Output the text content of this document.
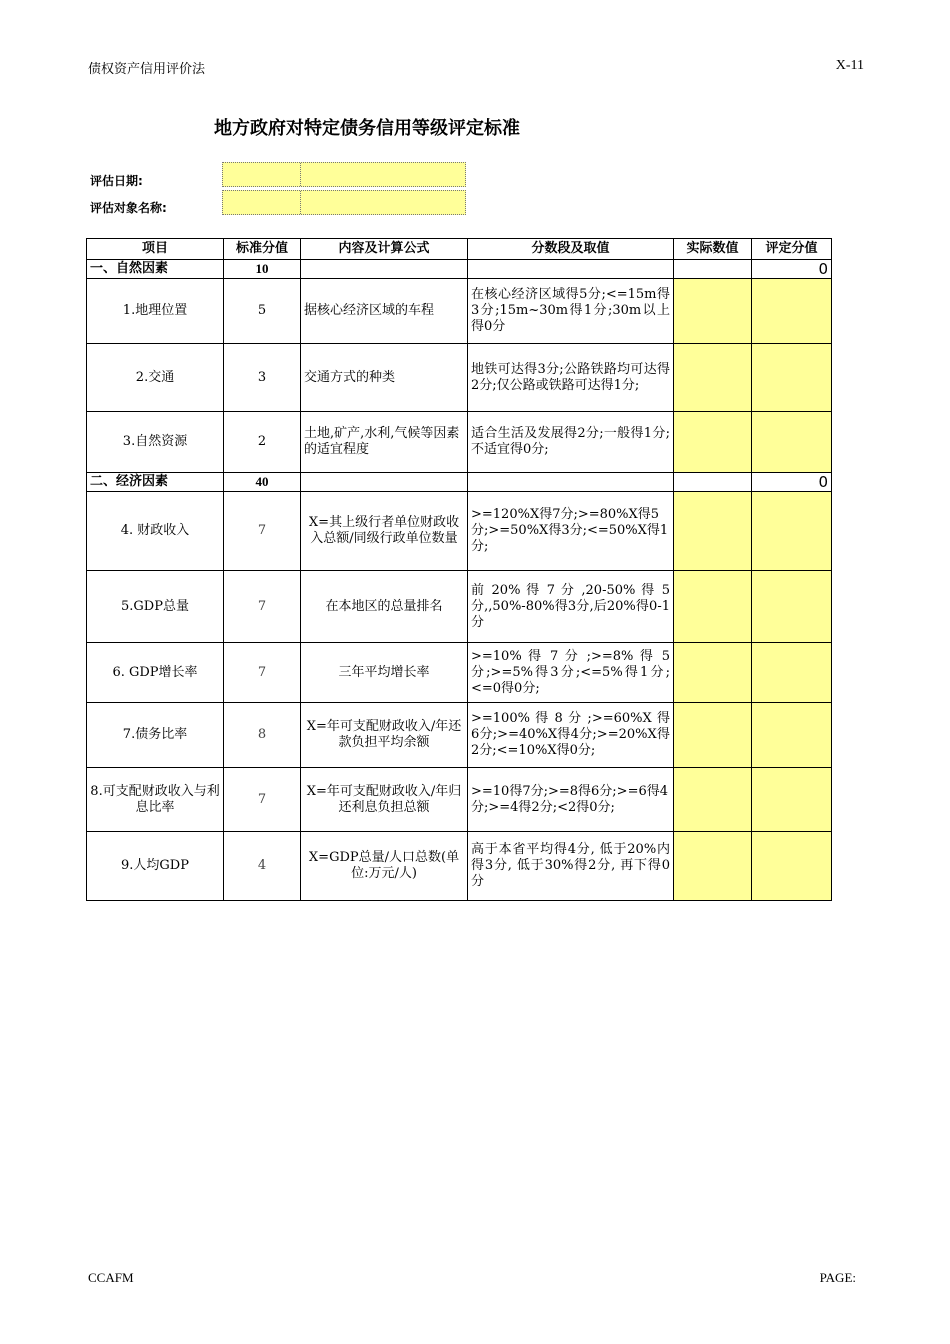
债权资产信用评价法	X-11
地方政府对特定债务信用等级评定标准
评估日期:
评估对象名称:
项目	标准分值	内容及计算公式	分数段及取值	实际数值	评定分值
一、自然因素	10				0
1.地理位置	5	据核心经济区域的车程	在核心经济区域得5分;<=15m得3分;15m~30m得1分;30m以上得0分		
2.交通	3	交通方式的种类	地铁可达得3分;公路铁路均可达得2分;仅公路或铁路可达得1分;		
3.自然资源	2	土地,矿产,水利,气候等因素的适宜程度	适合生活及发展得2分;一般得1分;不适宜得0分;		
二、经济因素	40				0
4. 财政收入	7	X=其上级行者单位财政收入总额/同级行政单位数量	>=120%X得7分;>=80%X得5分;>=50%X得3分;<=50%X得1分;		
5.GDP总量	7	在本地区的总量排名	前 20% 得 7 分 ,20-50% 得 5分,,50%-80%得3分,后20%得0-1分		
6. GDP增长率	7	三年平均增长率	>=10% 得 7 分 ;>=8% 得 5分;>=5%得3分;<=5%得1分;<=0得0分;		
7.债务比率	8	X=年可支配财政收入/年还款负担平均余额	>=100% 得 8 分 ;>=60%X 得 6分;>=40%X得4分;>=20%X得2分;<=10%X得0分;		
8.可支配财政收入与利息比率	7	X=年可支配财政收入/年归还利息负担总额	>=10得7分;>=8得6分;>=6得4分;>=4得2分;<2得0分;		
9.人均GDP	4	X=GDP总量/人口总数(单位:万元/人)	高于本省平均得4分, 低于20%内得3分, 低于30%得2分, 再下得0分		
CCAFM	PAGE:
